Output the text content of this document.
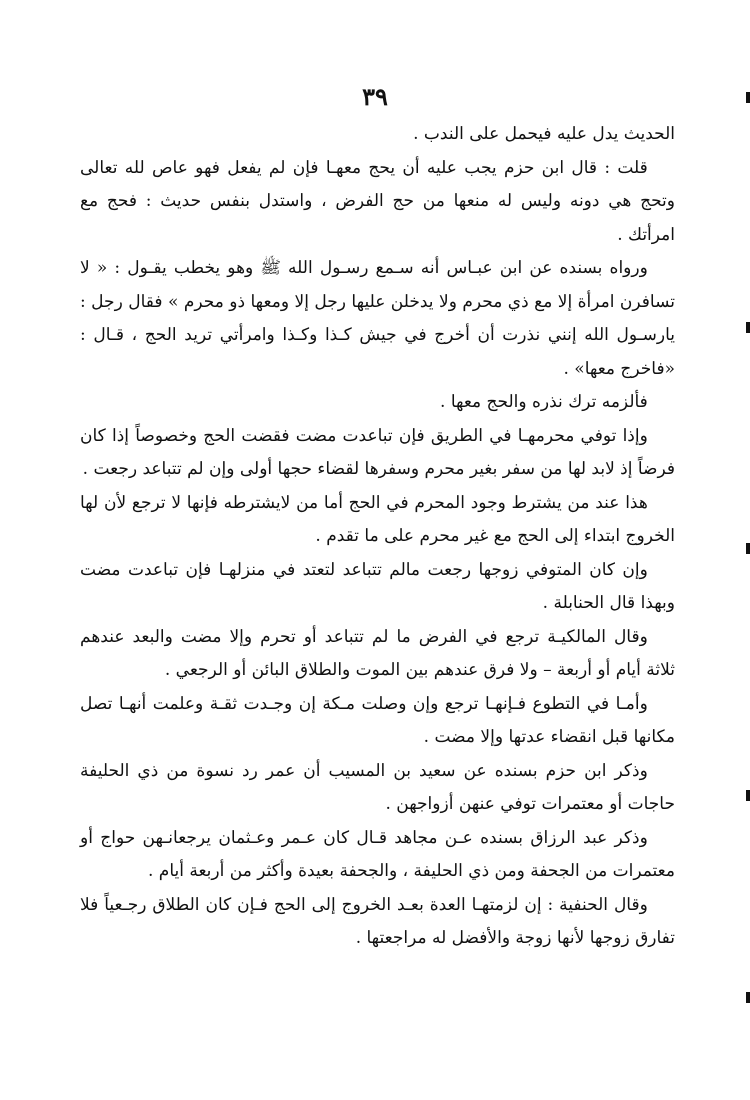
٣٩

الحديث يدل عليه فيحمل على الندب .

قلت : قال ابن حزم يجب عليه أن يحج معهـا فإن لم يفعل فهو عاص لله تعالى وتحج هي دونه وليس له منعها من حج الفرض ، واستدل بنفس حديث : فحج مع امرأتك .

ورواه بسنده عن ابن عبـاس أنه سـمع رسـول الله ﷺ وهو يخطب يقـول : « لا تسافرن امرأة إلا مع ذي محرم ولا يدخلن عليها رجل إلا ومعها ذو محرم » فقال رجل : يارسـول الله إنني نذرت أن أخرج في جيش كـذا وكـذا وامرأتي تريد الحج ، قـال : «فاخرج معها» .

فألزمه ترك نذره والحج معها .

وإذا توفي محرمهـا في الطريق فإن تباعدت مضت فقضت الحج وخصوصاً إذا كان فرضاً إذ لابد لها من سفر بغير محرم وسفرها لقضاء حجها أولى وإن لم تتباعد رجعت .

هذا عند من يشترط وجود المحرم في الحج أما من لايشترطه فإنها لا ترجع لأن لها الخروج ابتداء إلى الحج مع غير محرم على ما تقدم .

وإن كان المتوفي زوجها رجعت مالم تتباعد لتعتد في منزلهـا فإن تباعدت مضت وبهذا قال الحنابلة .

وقال المالكيـة ترجع في الفرض ما لم تتباعد أو تحرم وإلا مضت والبعد عندهم ثلاثة أيام أو أربعة – ولا فرق عندهم بين الموت والطلاق البائن أو الرجعي .

وأمـا في التطوع فـإنهـا ترجع وإن وصلت مـكة إن وجـدت ثقـة وعلمت أنهـا تصل مكانها قبل انقضاء عدتها وإلا مضت .

وذكر ابن حزم بسنده عن سعيد بن المسيب أن عمر رد نسوة من ذي الحليفة حاجات أو معتمرات توفي عنهن أزواجهن .

وذكر عبد الرزاق بسنده عـن مجاهد قـال كان عـمر وعـثمان يرجعانـهن حواج أو معتمرات من الجحفة ومن ذي الحليفة ، والجحفة بعيدة وأكثر من أربعة أيام .

وقال الحنفية : إن لزمتهـا العدة بعـد الخروج إلى الحج فـإن كان الطلاق رجـعياً فلا تفارق زوجها لأنها زوجة والأفضل له مراجعتها .
